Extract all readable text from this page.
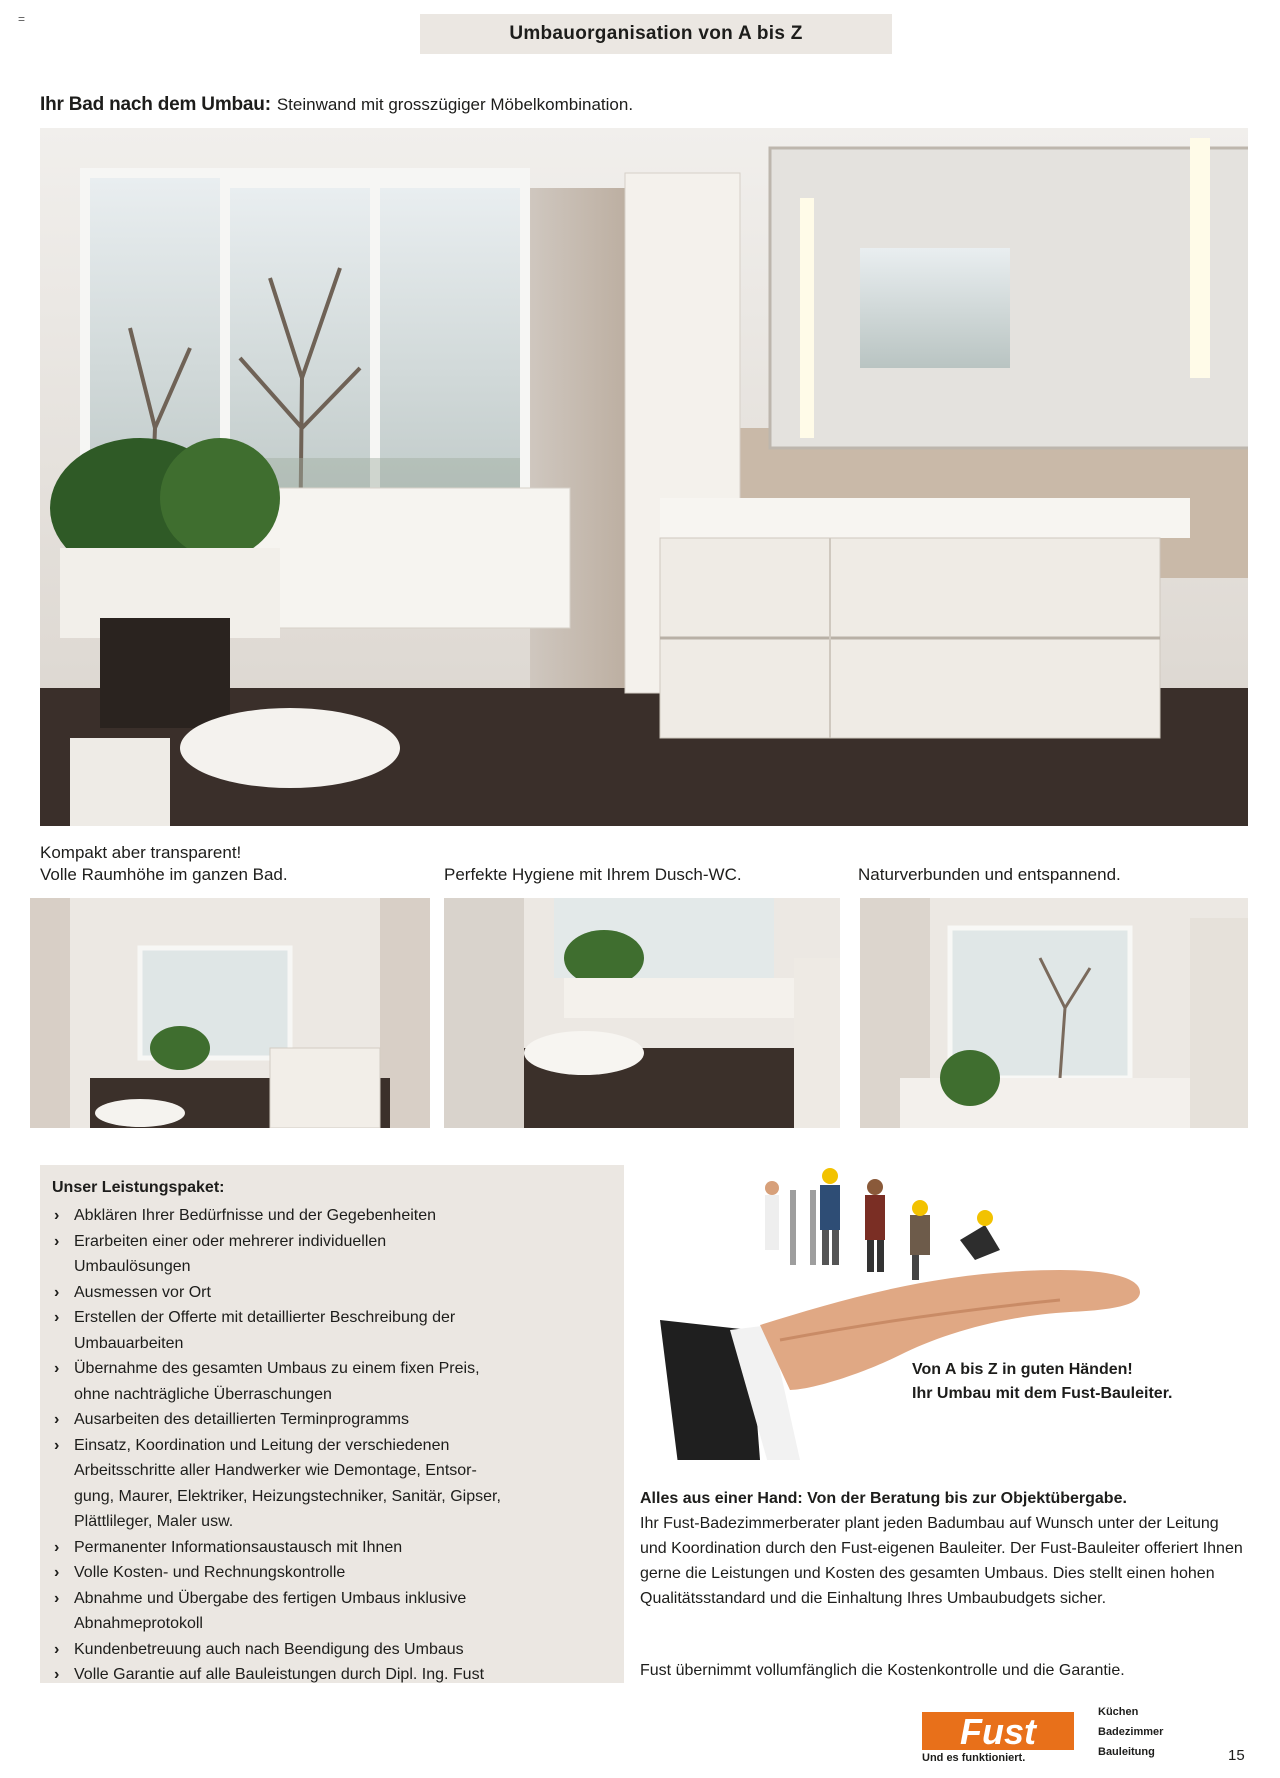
=
Umbauorganisation von A bis Z
Ihr Bad nach dem Umbau: Steinwand mit grosszügiger Möbelkombination.
Kompakt aber transparent!
Volle Raumhöhe im ganzen Bad.	Perfekte Hygiene mit Ihrem Dusch-WC.	Naturverbunden und entspannend.
Unser Leistungspaket:
› Abklären Ihrer Bedürfnisse und der Gegebenheiten
› Erarbeiten einer oder mehrerer individuellen
Umbaulösungen
› Ausmessen vor Ort
› Erstellen der Offerte mit detaillierter Beschreibung der
Umbauarbeiten
› Übernahme des gesamten Umbaus zu einem fixen Preis,
ohne nachträgliche Überraschungen
› Ausarbeiten des detaillierten Terminprogramms
› Einsatz, Koordination und Leitung der verschiedenen
Arbeitsschritte aller Handwerker wie Demontage, Entsor-
gung, Maurer, Elektriker, Heizungstechniker, Sanitär, Gipser,
Plättlileger, Maler usw.
› Permanenter Informationsaustausch mit Ihnen
› Volle Kosten- und Rechnungskontrolle
› Abnahme und Übergabe des fertigen Umbaus inklusive
Abnahmeprotokoll
› Kundenbetreuung auch nach Beendigung des Umbaus
› Volle Garantie auf alle Bauleistungen durch Dipl. Ing. Fust
Von A bis Z in guten Händen!
Ihr Umbau mit dem Fust-Bauleiter.
Alles aus einer Hand: Von der Beratung bis zur Objektübergabe.
Ihr Fust-Badezimmerberater plant jeden Badumbau auf Wunsch unter der Leitung und Koordination durch den Fust-eigenen Bauleiter. Der Fust-Bauleiter offeriert Ihnen gerne die Leistungen und Kosten des gesamten Umbaus. Dies stellt einen hohen Qualitätsstandard und die Einhaltung Ihres Umbaubudgets sicher.
Fust übernimmt vollumfänglich die Kostenkontrolle und die Garantie.
Fust
Und es funktioniert.
Küchen
Badezimmer
Bauleitung	15
